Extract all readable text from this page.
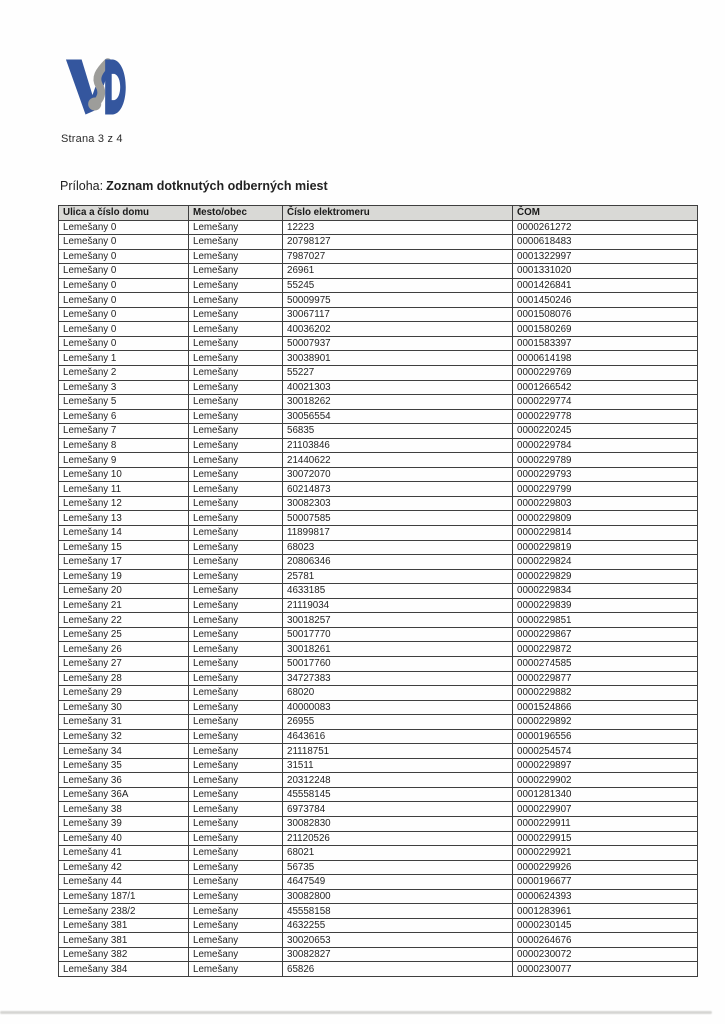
Strana 3 z 4
Príloha: Zoznam dotknutých odberných miest
Ulica a číslo domu	Mesto/obec	Číslo elektromeru	ČOM
Lemešany 0	Lemešany	12223	0000261272
Lemešany 0	Lemešany	20798127	0000618483
Lemešany 0	Lemešany	7987027	0001322997
Lemešany 0	Lemešany	26961	0001331020
Lemešany 0	Lemešany	55245	0001426841
Lemešany 0	Lemešany	50009975	0001450246
Lemešany 0	Lemešany	30067117	0001508076
Lemešany 0	Lemešany	40036202	0001580269
Lemešany 0	Lemešany	50007937	0001583397
Lemešany 1	Lemešany	30038901	0000614198
Lemešany 2	Lemešany	55227	0000229769
Lemešany 3	Lemešany	40021303	0001266542
Lemešany 5	Lemešany	30018262	0000229774
Lemešany 6	Lemešany	30056554	0000229778
Lemešany 7	Lemešany	56835	0000220245
Lemešany 8	Lemešany	21103846	0000229784
Lemešany 9	Lemešany	21440622	0000229789
Lemešany 10	Lemešany	30072070	0000229793
Lemešany 11	Lemešany	60214873	0000229799
Lemešany 12	Lemešany	30082303	0000229803
Lemešany 13	Lemešany	50007585	0000229809
Lemešany 14	Lemešany	11899817	0000229814
Lemešany 15	Lemešany	68023	0000229819
Lemešany 17	Lemešany	20806346	0000229824
Lemešany 19	Lemešany	25781	0000229829
Lemešany 20	Lemešany	4633185	0000229834
Lemešany 21	Lemešany	21119034	0000229839
Lemešany 22	Lemešany	30018257	0000229851
Lemešany 25	Lemešany	50017770	0000229867
Lemešany 26	Lemešany	30018261	0000229872
Lemešany 27	Lemešany	50017760	0000274585
Lemešany 28	Lemešany	34727383	0000229877
Lemešany 29	Lemešany	68020	0000229882
Lemešany 30	Lemešany	40000083	0001524866
Lemešany 31	Lemešany	26955	0000229892
Lemešany 32	Lemešany	4643616	0000196556
Lemešany 34	Lemešany	21118751	0000254574
Lemešany 35	Lemešany	31511	0000229897
Lemešany 36	Lemešany	20312248	0000229902
Lemešany 36A	Lemešany	45558145	0001281340
Lemešany 38	Lemešany	6973784	0000229907
Lemešany 39	Lemešany	30082830	0000229911
Lemešany 40	Lemešany	21120526	0000229915
Lemešany 41	Lemešany	68021	0000229921
Lemešany 42	Lemešany	56735	0000229926
Lemešany 44	Lemešany	4647549	0000196677
Lemešany 187/1	Lemešany	30082800	0000624393
Lemešany 238/2	Lemešany	45558158	0001283961
Lemešany 381	Lemešany	4632255	0000230145
Lemešany 381	Lemešany	30020653	0000264676
Lemešany 382	Lemešany	30082827	0000230072
Lemešany 384	Lemešany	65826	0000230077
